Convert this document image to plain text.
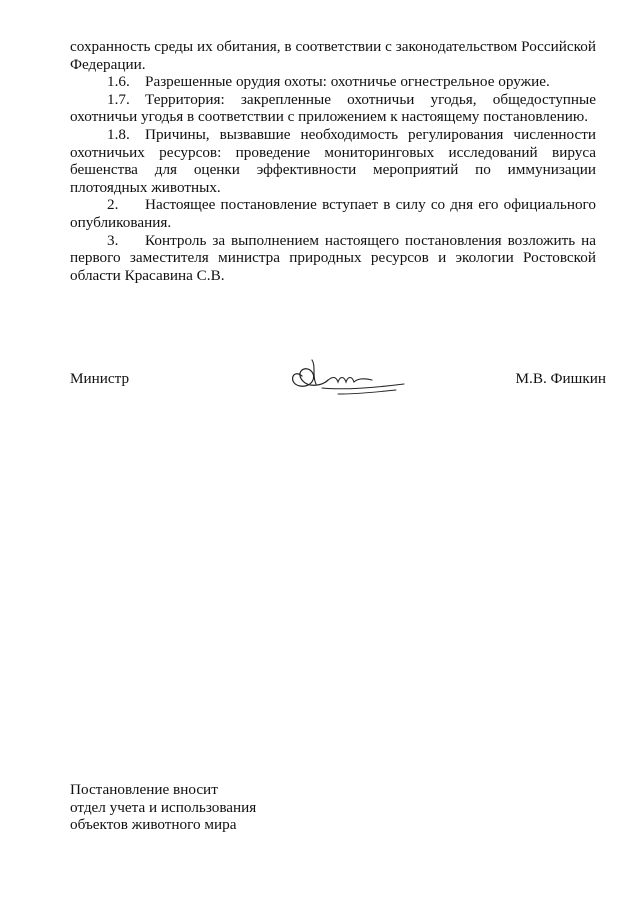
сохранность среды их обитания, в соответствии с законодательством Российской Федерации.

1.6. Разрешенные орудия охоты: охотничье огнестрельное оружие.

1.7. Территория: закрепленные охотничьи угодья, общедоступные охотничьи угодья в соответствии с приложением к настоящему постановлению.

1.8. Причины, вызвавшие необходимость регулирования численности охотничьих ресурсов: проведение мониторинговых исследований вируса бешенства для оценки эффективности мероприятий по иммунизации плотоядных животных.

2. Настоящее постановление вступает в силу со дня его официального опубликования.

3. Контроль за выполнением настоящего постановления возложить на первого заместителя министра природных ресурсов и экологии Ростовской области Красавина С.В.

Министр	М.В. Фишкин

Постановление вносит

отдел учета и использования

объектов животного мира
